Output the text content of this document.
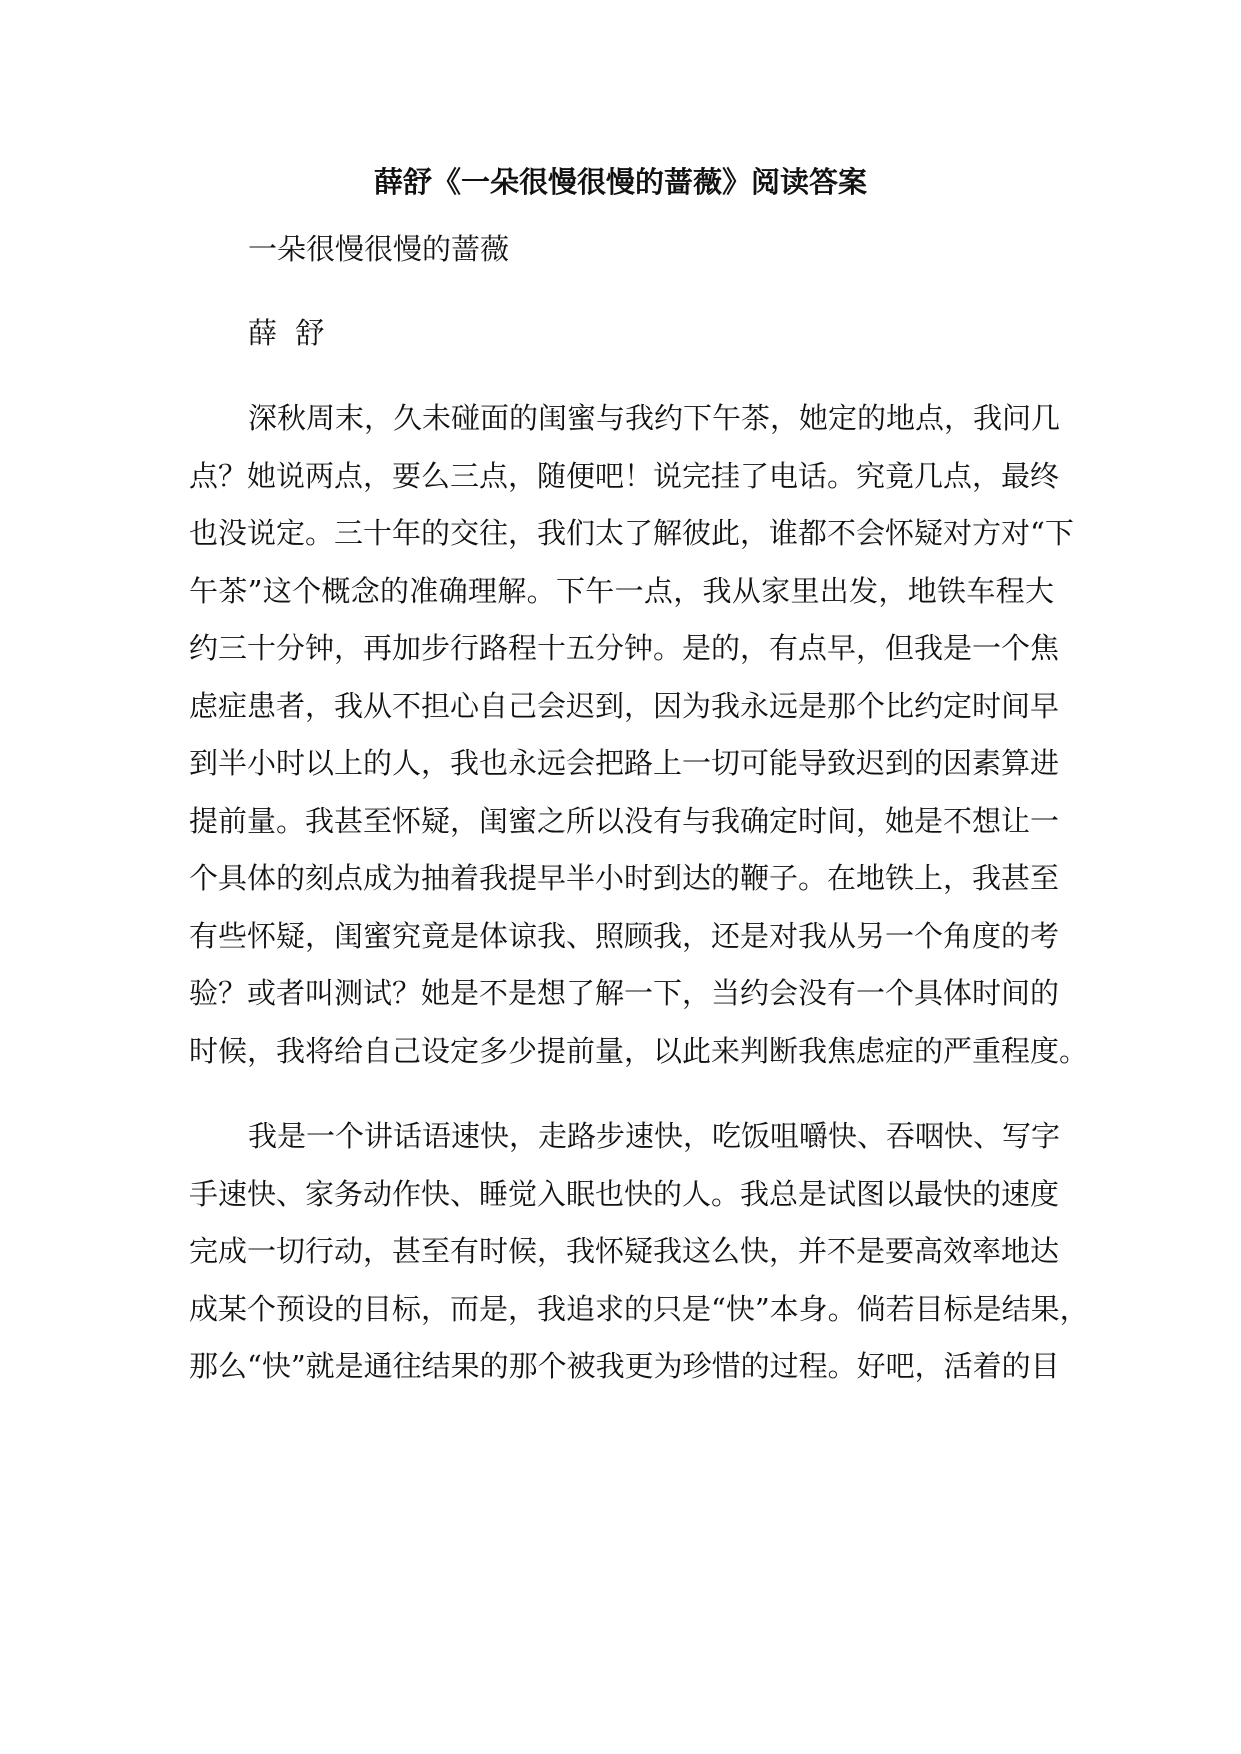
薛舒《一朵很慢很慢的蔷薇》阅读答案

一朵很慢很慢的蔷薇

薛  舒

深秋周末，久未碰面的闺蜜与我约下午茶，她定的地点，我问几

点？她说两点，要么三点，随便吧！说完挂了电话。究竟几点，最终

也没说定。三十年的交往，我们太了解彼此，谁都不会怀疑对方对“下

午茶”这个概念的准确理解。下午一点，我从家里出发，地铁车程大

约三十分钟，再加步行路程十五分钟。是的，有点早，但我是一个焦

虑症患者，我从不担心自己会迟到，因为我永远是那个比约定时间早

到半小时以上的人，我也永远会把路上一切可能导致迟到的因素算进

提前量。我甚至怀疑，闺蜜之所以没有与我确定时间，她是不想让一

个具体的刻点成为抽着我提早半小时到达的鞭子。在地铁上，我甚至

有些怀疑，闺蜜究竟是体谅我、照顾我，还是对我从另一个角度的考

验？或者叫测试？她是不是想了解一下，当约会没有一个具体时间的

时候，我将给自己设定多少提前量，以此来判断我焦虑症的严重程度。

我是一个讲话语速快，走路步速快，吃饭咀嚼快、吞咽快、写字

手速快、家务动作快、睡觉入眠也快的人。我总是试图以最快的速度

完成一切行动，甚至有时候，我怀疑我这么快，并不是要高效率地达

成某个预设的目标，而是，我追求的只是“快”本身。倘若目标是结果，

那么“快”就是通往结果的那个被我更为珍惜的过程。好吧，活着的目
